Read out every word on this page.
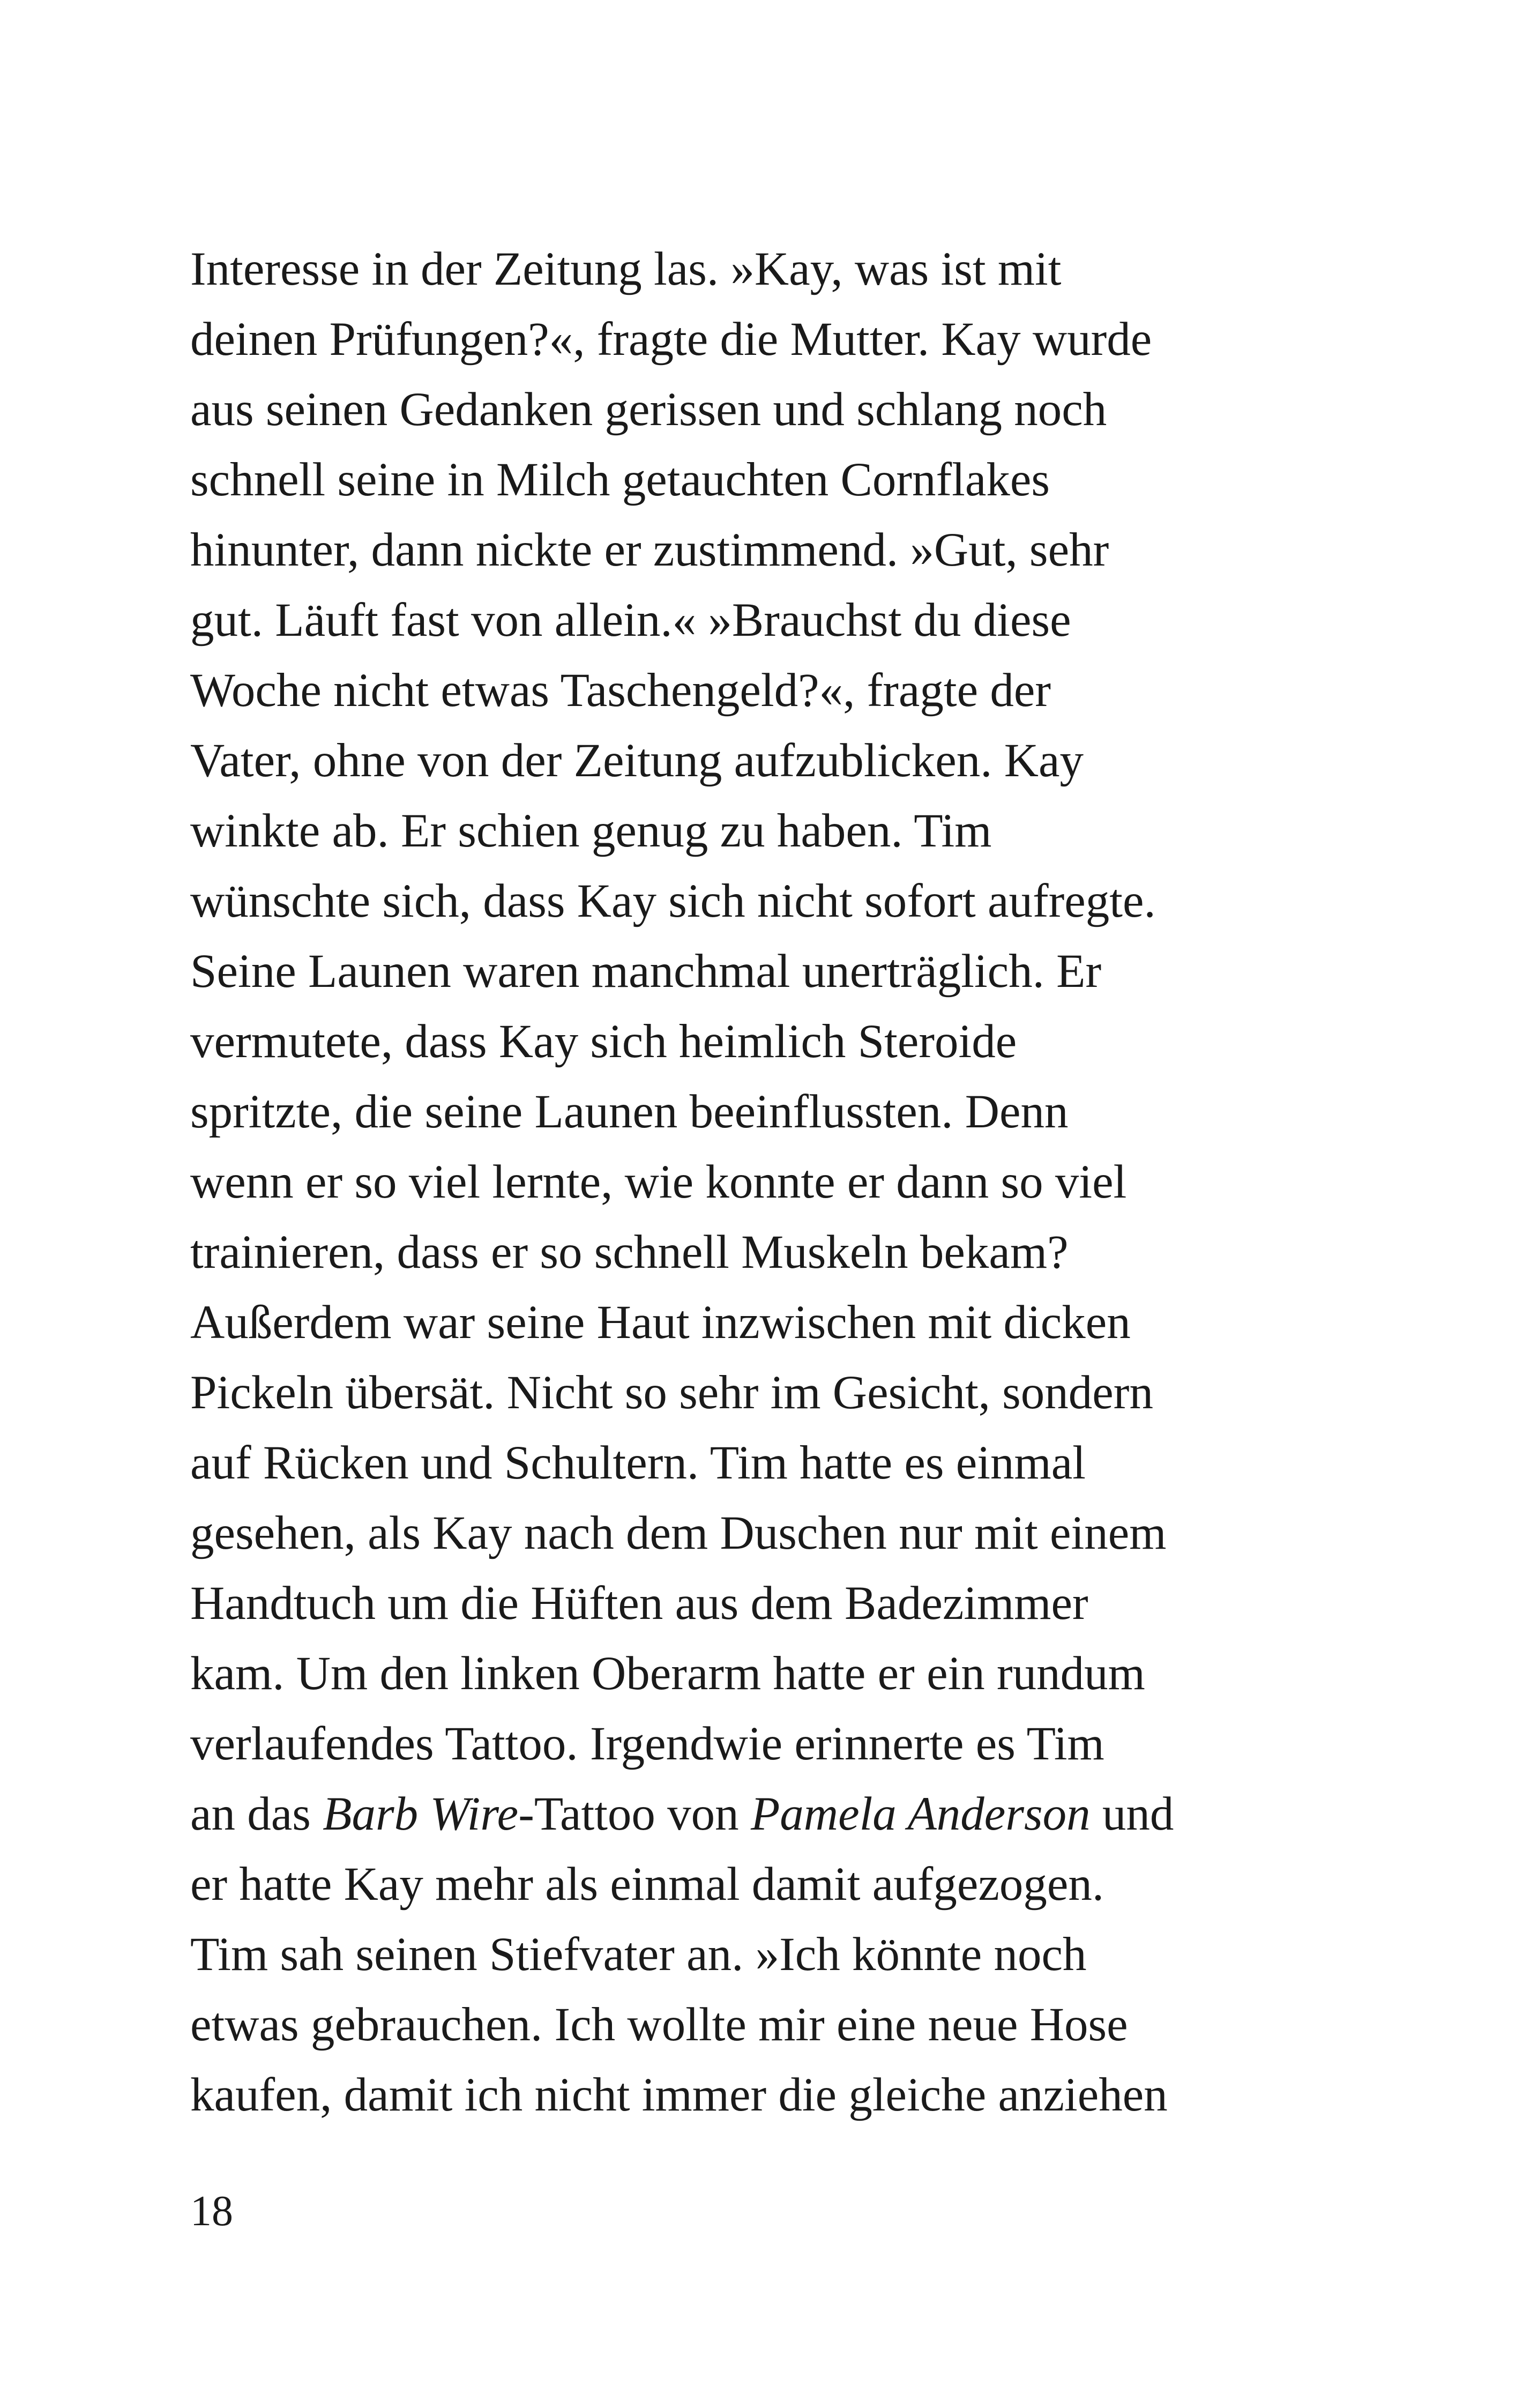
Interesse in der Zeitung las. »Kay, was ist mit
deinen Prüfungen?«, fragte die Mutter. Kay wurde
aus seinen Gedanken gerissen und schlang noch
schnell seine in Milch getauchten Cornflakes
hinunter, dann nickte er zustimmend. »Gut, sehr
gut. Läuft fast von allein.« »Brauchst du diese
Woche nicht etwas Taschengeld?«, fragte der
Vater, ohne von der Zeitung aufzublicken. Kay
winkte ab. Er schien genug zu haben. Tim
wünschte sich, dass Kay sich nicht sofort aufregte.
Seine Launen waren manchmal unerträglich. Er
vermutete, dass Kay sich heimlich Steroide
spritzte, die seine Launen beeinflussten. Denn
wenn er so viel lernte, wie konnte er dann so viel
trainieren, dass er so schnell Muskeln bekam?
Außerdem war seine Haut inzwischen mit dicken
Pickeln übersät. Nicht so sehr im Gesicht, sondern
auf Rücken und Schultern. Tim hatte es einmal
gesehen, als Kay nach dem Duschen nur mit einem
Handtuch um die Hüften aus dem Badezimmer
kam. Um den linken Oberarm hatte er ein rundum
verlaufendes Tattoo. Irgendwie erinnerte es Tim
an das Barb Wire-Tattoo von Pamela Anderson und
er hatte Kay mehr als einmal damit aufgezogen.
Tim sah seinen Stiefvater an. »Ich könnte noch
etwas gebrauchen. Ich wollte mir eine neue Hose
kaufen, damit ich nicht immer die gleiche anziehen
18
